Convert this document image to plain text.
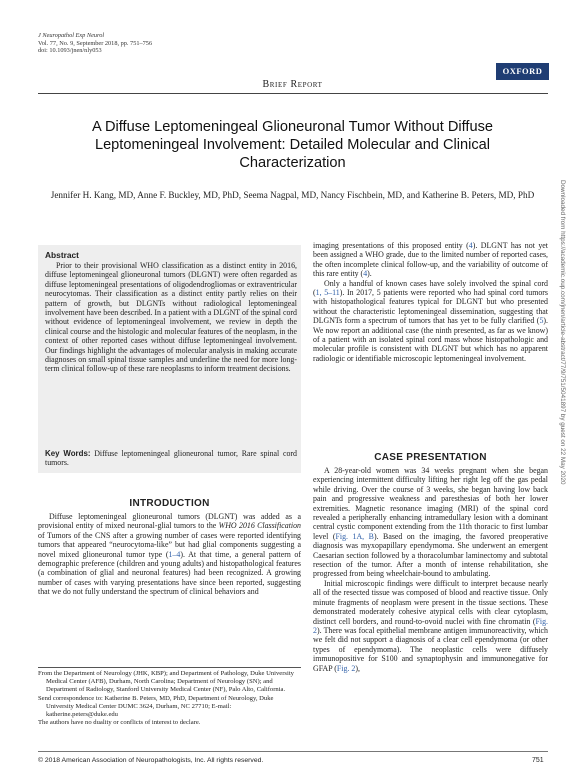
J Neuropathol Exp Neurol
Vol. 77, No. 9, September 2018, pp. 751–756
doi: 10.1093/jnen/nly053
OXFORD
Brief Report
A Diffuse Leptomeningeal Glioneuronal Tumor Without Diffuse Leptomeningeal Involvement: Detailed Molecular and Clinical Characterization
Jennifer H. Kang, MD, Anne F. Buckley, MD, PhD, Seema Nagpal, MD, Nancy Fischbein, MD, and Katherine B. Peters, MD, PhD	Downloaded from https://academic.oup.com/jnen/article-abstract/77/9/751/5041897 by guest on 22 May 2020
Abstract

Prior to their provisional WHO classification as a distinct entity in 2016, diffuse leptomeningeal glioneuronal tumors (DLGNT) were often regarded as diffuse leptomeningeal presentations of oligodendrogliomas or extraventricular neurocytomas. Their classification as a distinct entity partly relies on their pattern of growth, but DLGNTs without radiological leptomeningeal involvement have been described. In a patient with a DLGNT of the spinal cord without evidence of leptomeningeal involvement, we review in depth the clinical course and the histologic and molecular features of the neoplasm, in the context of other reported cases without diffuse leptomeningeal involvement. Our findings highlight the advantages of molecular analysis in making accurate diagnoses on small spinal tissue samples and underline the need for more long-term clinical follow-up of these rare neoplasms to inform treatment decisions.

Key Words: Diffuse leptomeningeal glioneuronal tumor, Rare spinal cord tumors.
INTRODUCTION

Diffuse leptomeningeal glioneuronal tumors (DLGNT) was added as a provisional entity of mixed neuronal-glial tumors to the WHO 2016 Classification of Tumors of the CNS after a growing number of cases were reported identifying tumors that appeared “neurocytoma-like” but had glial components suggesting a novel mixed glioneuronal tumor type (1–4). At that time, a general pattern of demographic preference (children and young adults) and histopathological features (a combination of glial and neuronal features) had been recognized. A growing number of cases with varying presentations have since been reported, suggesting that we do not fully understand the spectrum of clinical behaviors and

From the Department of Neurology (JHK, KBP); and Department of Pathology, Duke University Medical Center (AFB), Durham, North Carolina; Department of Neurology (SN); and Department of Radiology, Stanford University Medical Center (NF), Palo Alto, California.

Send correspondence to: Katherine B. Peters, MD, PhD, Department of Neurology, Duke University Medical Center DUMC 3624, Durham, NC 27710; E-mail: katherine.peters@duke.edu

The authors have no duality or conflicts of interest to declare.

imaging presentations of this proposed entity (4). DLGNT has not yet been assigned a WHO grade, due to the limited number of reported cases, the often incomplete clinical follow-up, and the variability of outcome of this rare entity (4).

Only a handful of known cases have solely involved the spinal cord (1, 5–11). In 2017, 5 patients were reported who had spinal cord tumors with histopathological features typical for DLGNT but who presented without the characteristic leptomeningeal dissemination, suggesting that DLGNTs form a spectrum of tumors that has yet to be fully clarified (5). We now report an additional case (the ninth presented, as far as we know) of a patient with an isolated spinal cord mass whose histopathologic and molecular profile is consistent with DLGNT but which has no apparent radiologic or identifiable microscopic leptomeningeal involvement.

CASE PRESENTATION

A 28-year-old women was 34 weeks pregnant when she began experiencing intermittent difficulty lifting her right leg off the gas pedal while driving. Over the course of 3 weeks, she began having low back pain and progressive weakness and paresthesias of both her lower extremities. Magnetic resonance imaging (MRI) of the spinal cord revealed a peripherally enhancing intramedullary lesion with a dominant central cystic component extending from the 11th thoracic to first lumbar level (Fig. 1A, B). Based on the imaging, the favored preoperative diagnosis was myxopapillary ependymoma. She underwent an emergent Caesarian section followed by a thoracolumbar laminectomy and subtotal resection of the tumor. After a month of intense rehabilitation, she progressed from being wheelchair-bound to ambulating.

Initial microscopic findings were difficult to interpret because nearly all of the resected tissue was composed of blood and reactive tissue. Only minute fragments of neoplasm were present in the tissue sections. These demonstrated moderately cohesive atypical cells with clear cytoplasm, distinct cell borders, and round-to-ovoid nuclei with fine chromatin (Fig. 2). There was focal epithelial membrane antigen immunoreactivity, which we felt did not support a diagnosis of a clear cell ependymoma (or other types of ependymoma). The neoplastic cells were diffusely immunopositive for S100 and synaptophysin and immunonegative for GFAP (Fig. 2),

© 2018 American Association of Neuropathologists, Inc. All rights reserved.	751
